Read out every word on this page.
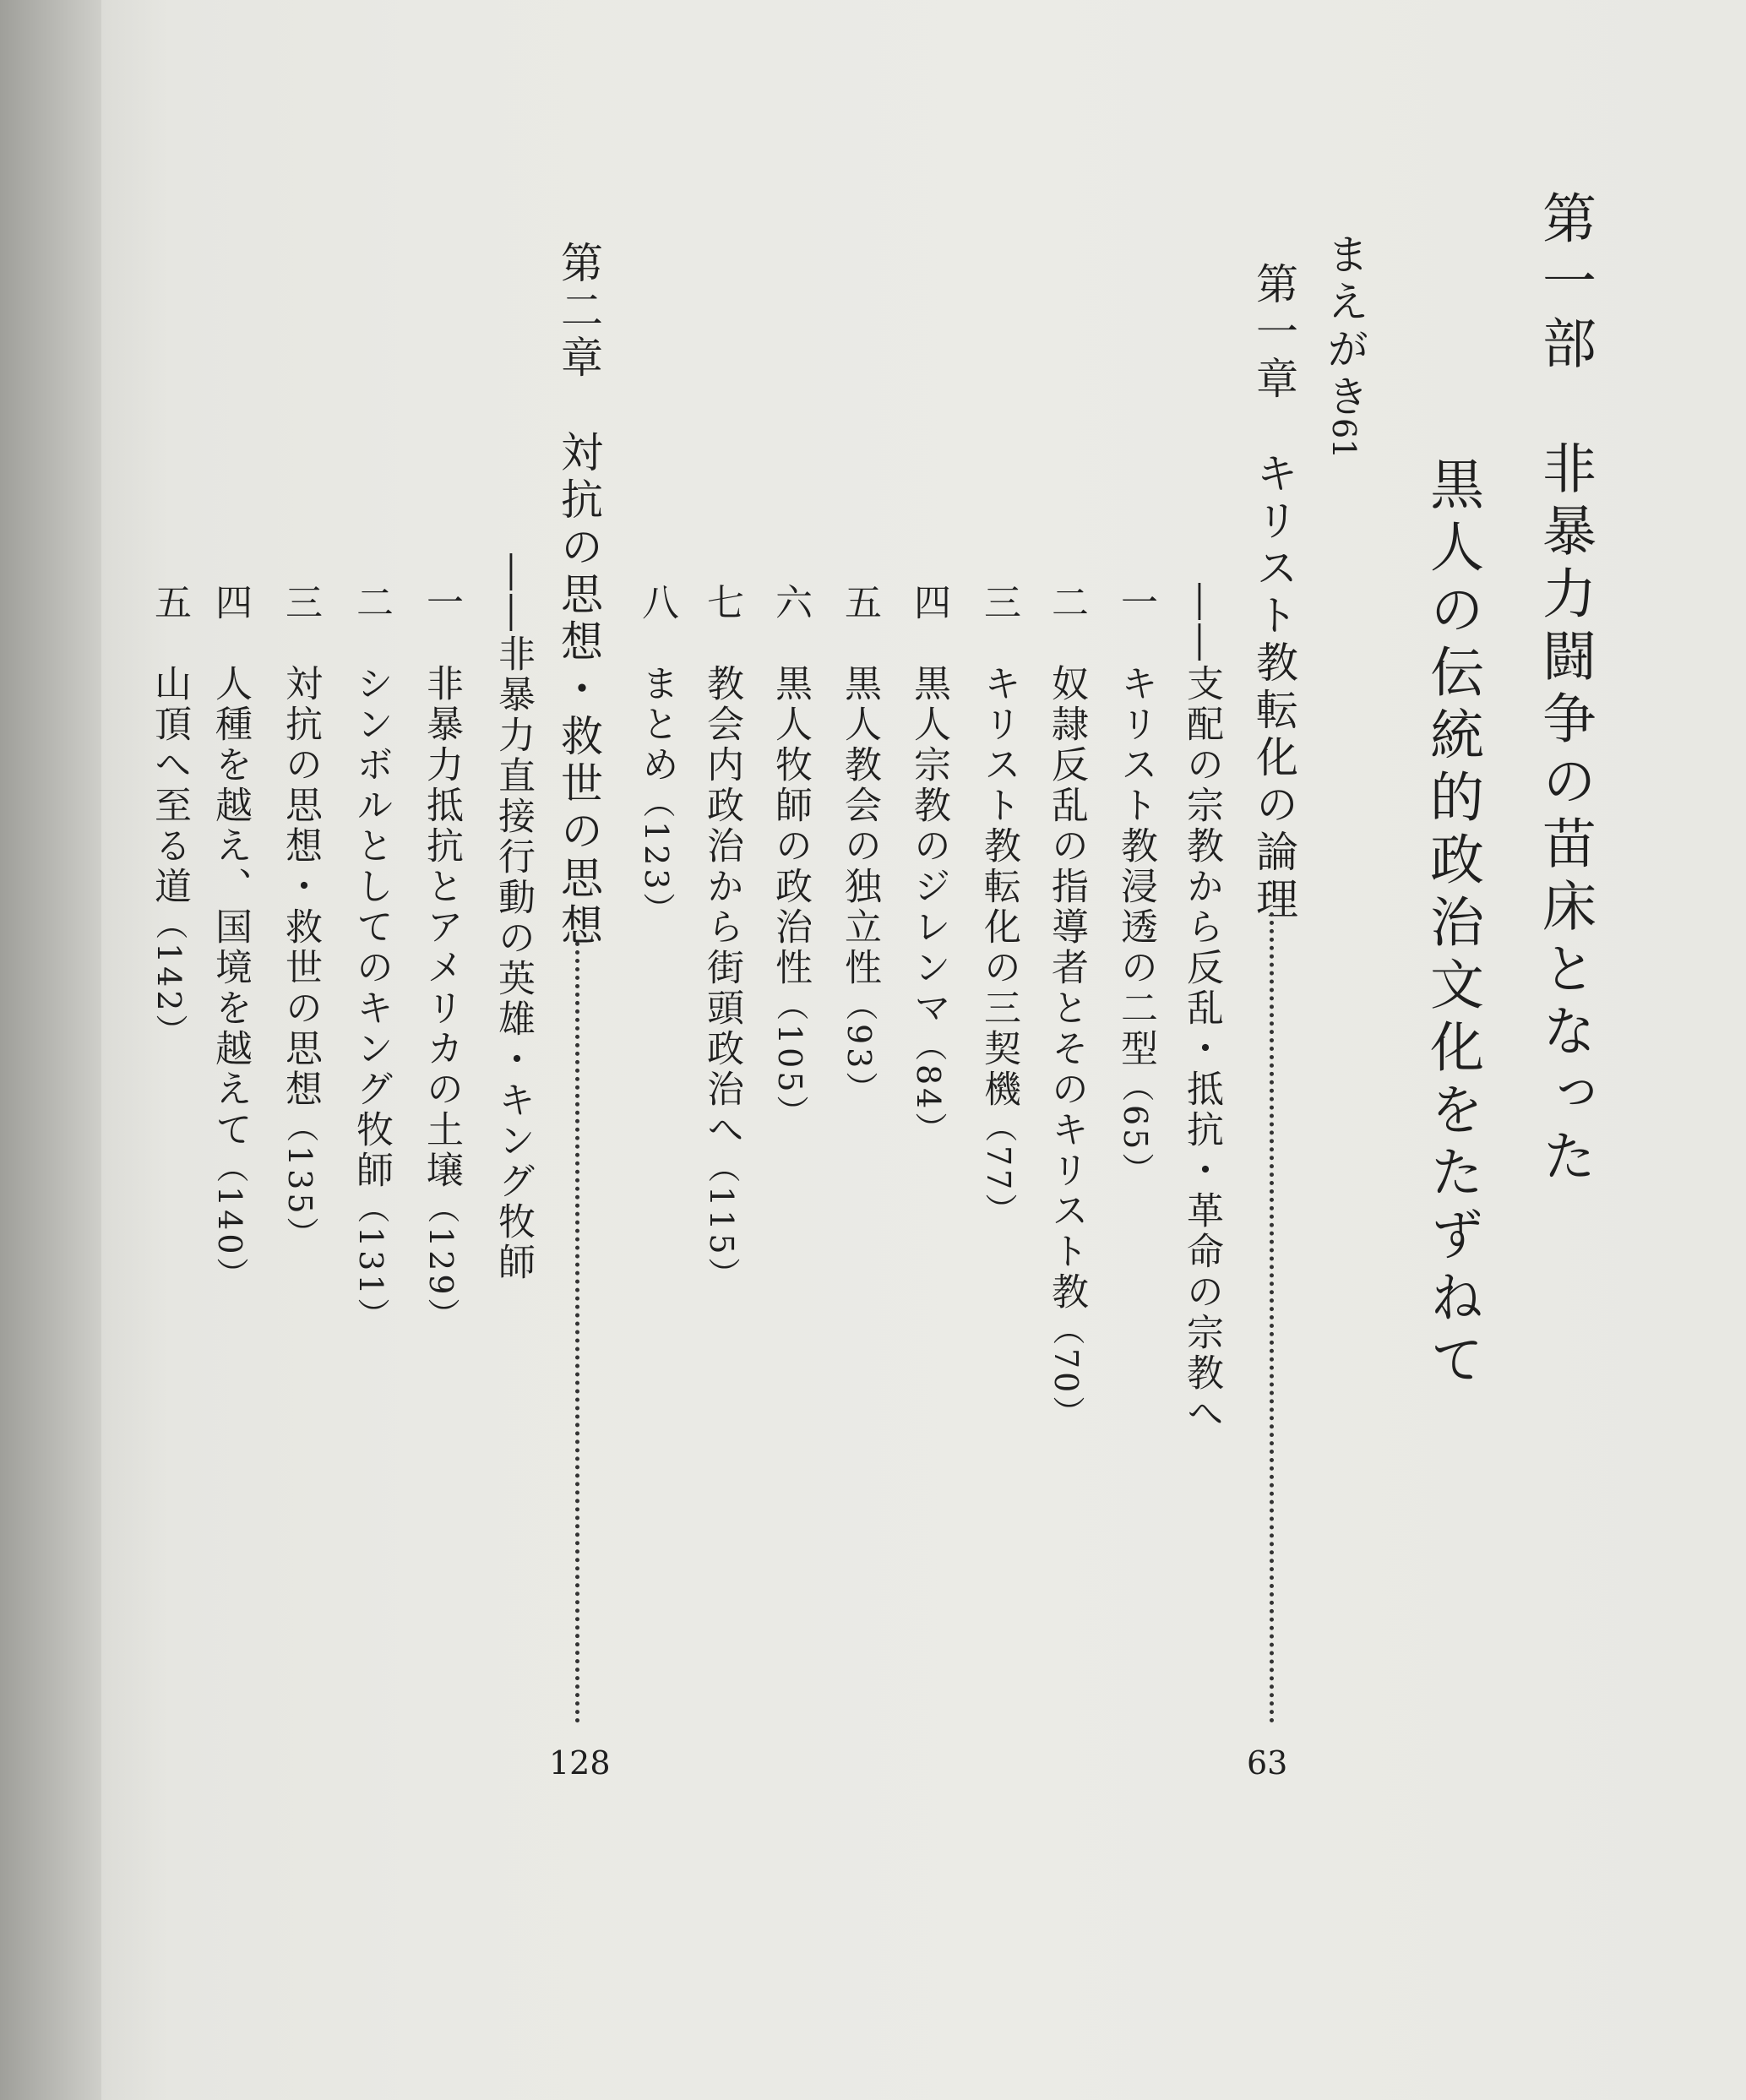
第一部　非暴力闘争の苗床となった
黒人の伝統的政治文化をたずねて
まえがき
61
第一章　キリスト教転化の論理
63
――支配の宗教から反乱・抵抗・革命の宗教へ
一　キリスト教浸透の二型（65）
二　奴隷反乱の指導者とそのキリスト教（70）
三　キリスト教転化の三契機（77）
四　黒人宗教のジレンマ（84）
五　黒人教会の独立性（93）
六　黒人牧師の政治性（105）
七　教会内政治から街頭政治へ（115）
八　まとめ（123）
第二章　対抗の思想・救世の思想
128
――非暴力直接行動の英雄・キング牧師
一　非暴力抵抗とアメリカの土壌（129）
二　シンボルとしてのキング牧師（131）
三　対抗の思想・救世の思想（135）
四　人種を越え、国境を越えて（140）
五　山頂へ至る道（142）
